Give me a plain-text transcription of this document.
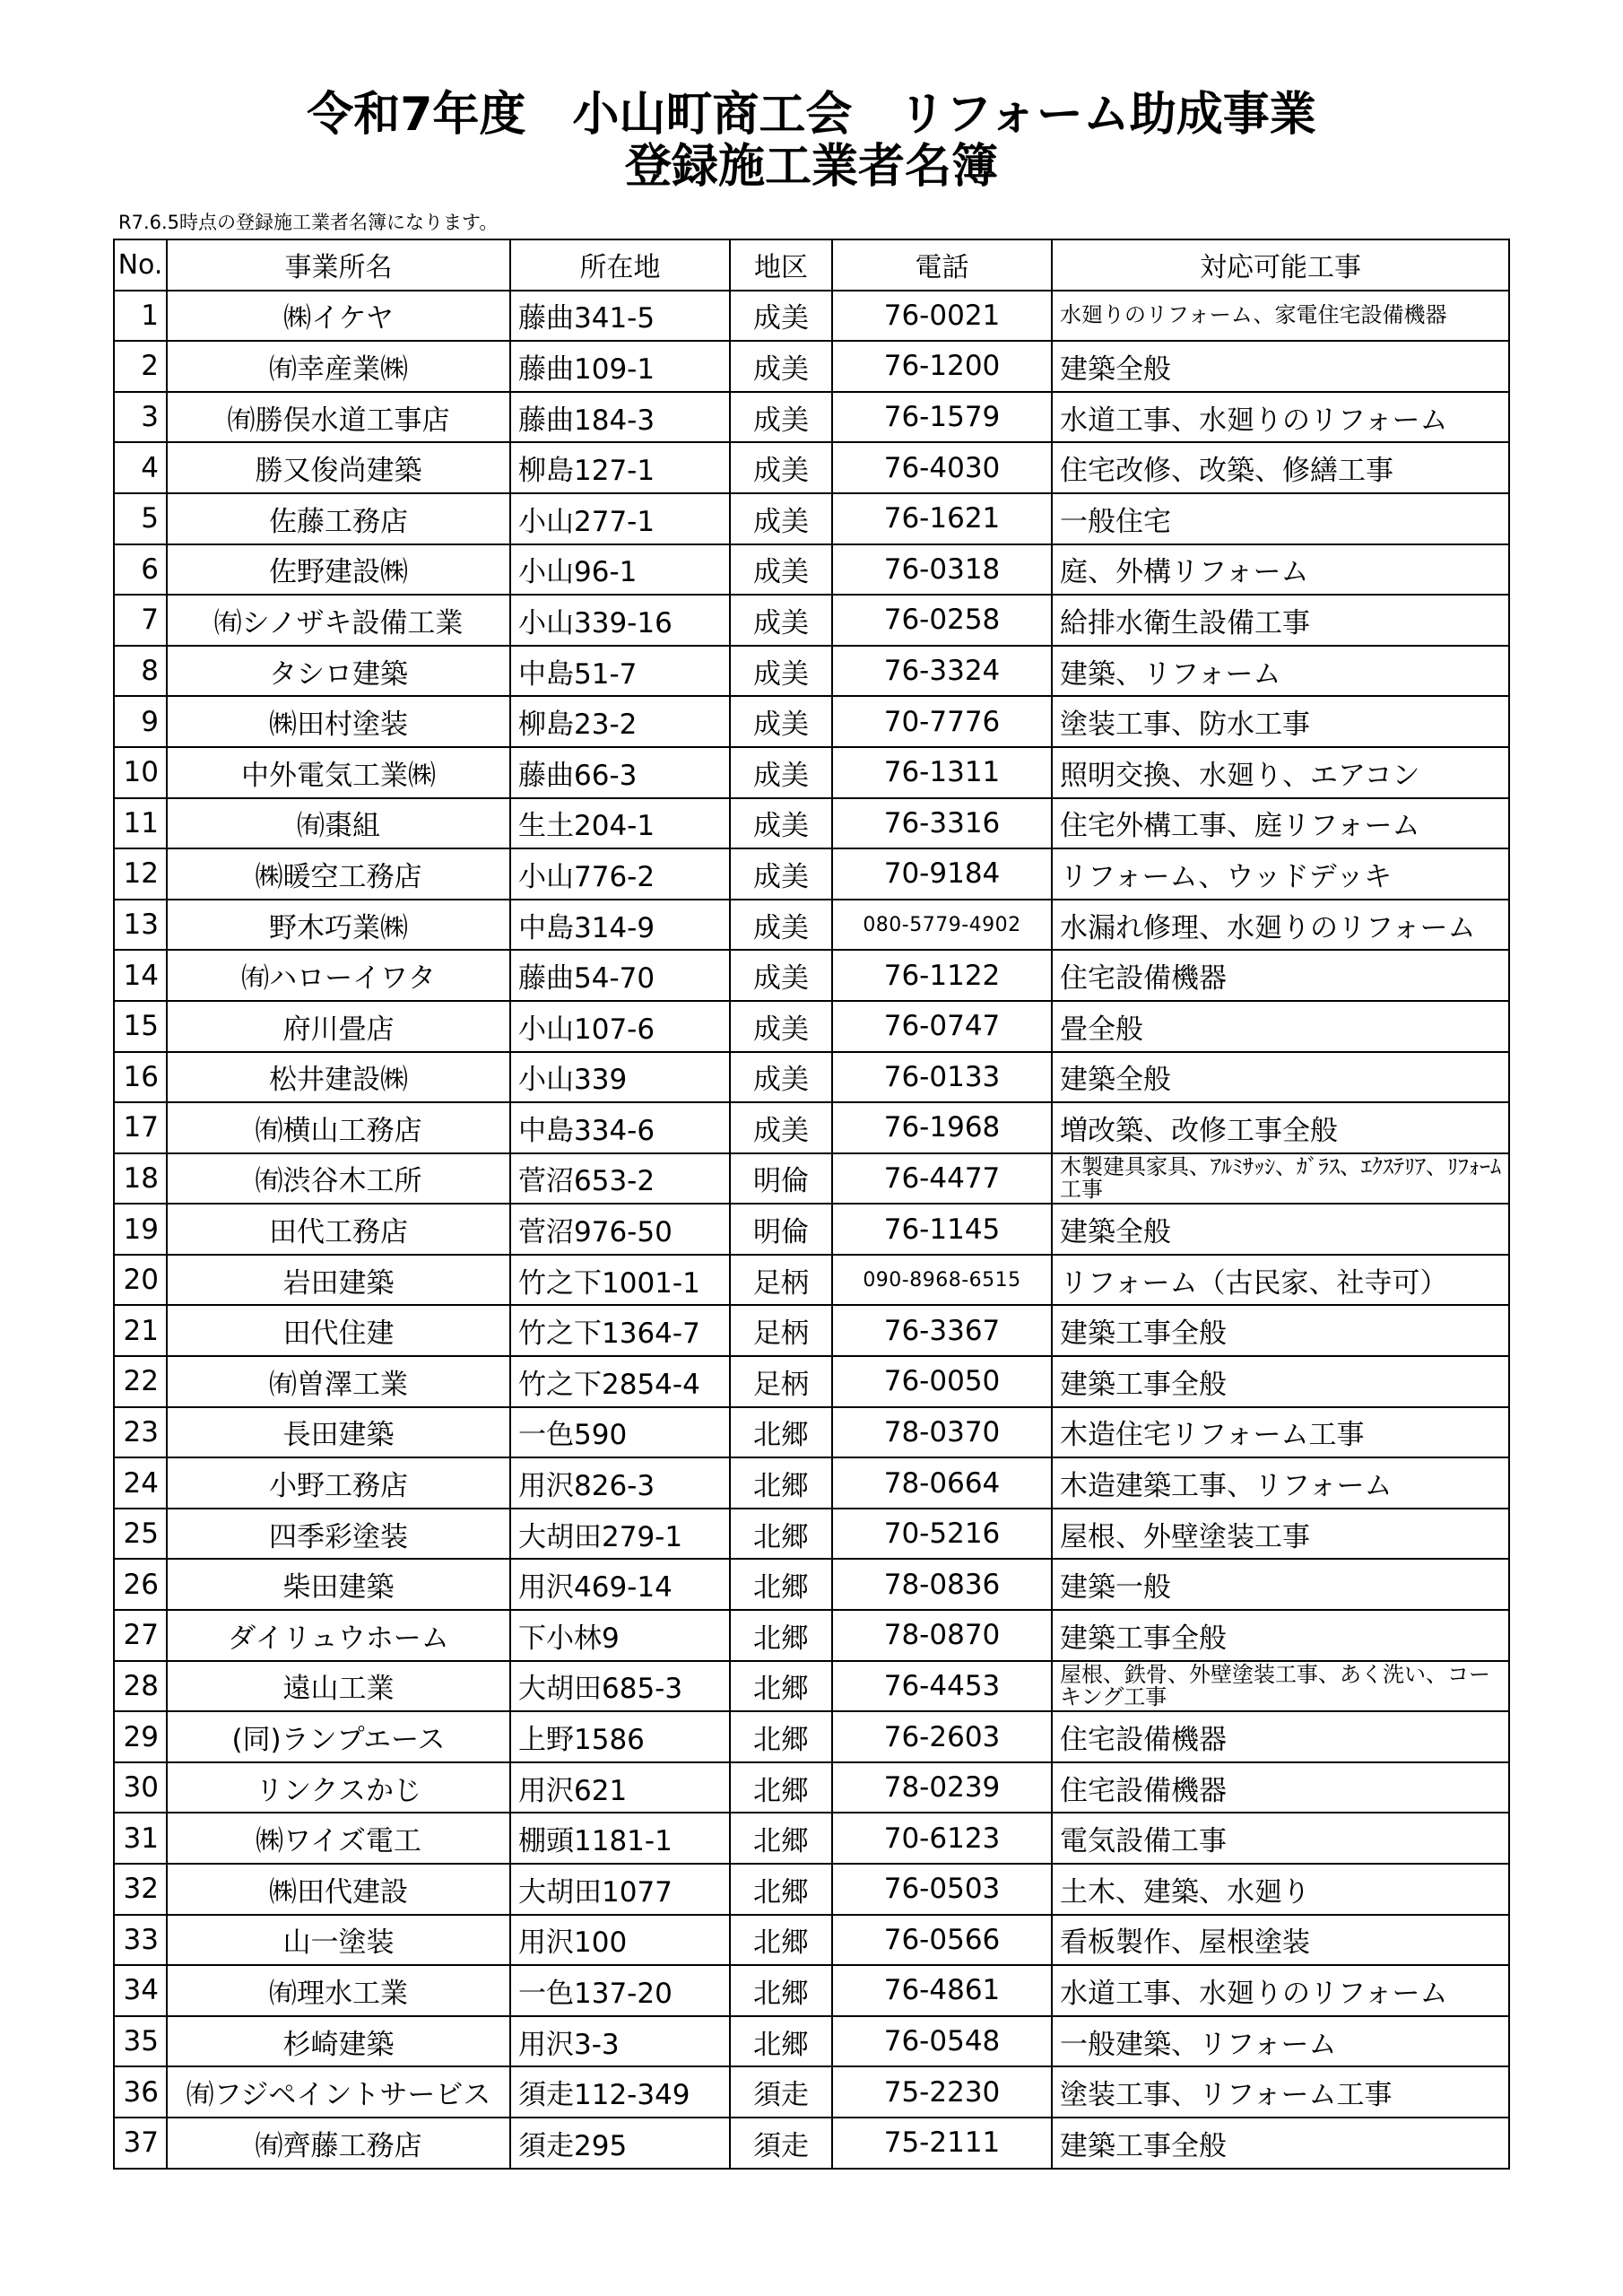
令和7年度　小山町商工会　リフォーム助成事業
登録施工業者名簿
R7.6.5時点の登録施工業者名簿になります。
No.	事業所名	所在地	地区	電話	対応可能工事
1	㈱イケヤ	藤曲341-5	成美	76-0021	水廻りのリフォーム、家電住宅設備機器
2	㈲幸産業㈱	藤曲109-1	成美	76-1200	建築全般
3	㈲勝俣水道工事店	藤曲184-3	成美	76-1579	水道工事、水廻りのリフォーム
4	勝又俊尚建築	柳島127-1	成美	76-4030	住宅改修、改築、修繕工事
5	佐藤工務店	小山277-1	成美	76-1621	一般住宅
6	佐野建設㈱	小山96-1	成美	76-0318	庭、外構リフォーム
7	㈲シノザキ設備工業	小山339-16	成美	76-0258	給排水衛生設備工事
8	タシロ建築	中島51-7	成美	76-3324	建築、リフォーム
9	㈱田村塗装	柳島23-2	成美	70-7776	塗装工事、防水工事
10	中外電気工業㈱	藤曲66-3	成美	76-1311	照明交換、水廻り、エアコン
11	㈲棗組	生土204-1	成美	76-3316	住宅外構工事、庭リフォーム
12	㈱暖空工務店	小山776-2	成美	70-9184	リフォーム、ウッドデッキ
13	野木巧業㈱	中島314-9	成美	080-5779-4902	水漏れ修理、水廻りのリフォーム
14	㈲ハローイワタ	藤曲54-70	成美	76-1122	住宅設備機器
15	府川畳店	小山107-6	成美	76-0747	畳全般
16	松井建設㈱	小山339	成美	76-0133	建築全般
17	㈲横山工務店	中島334-6	成美	76-1968	増改築、改修工事全般
18	㈲渋谷木工所	菅沼653-2	明倫	76-4477	木製建具家具、ｱﾙﾐｻｯｼ、ｶﾞﾗｽ、ｴｸｽﾃﾘｱ、ﾘﾌｫｰﾑ工事
19	田代工務店	菅沼976-50	明倫	76-1145	建築全般
20	岩田建築	竹之下1001-1	足柄	090-8968-6515	リフォーム（古民家、社寺可）
21	田代住建	竹之下1364-7	足柄	76-3367	建築工事全般
22	㈲曽澤工業	竹之下2854-4	足柄	76-0050	建築工事全般
23	長田建築	一色590	北郷	78-0370	木造住宅リフォーム工事
24	小野工務店	用沢826-3	北郷	78-0664	木造建築工事、リフォーム
25	四季彩塗装	大胡田279-1	北郷	70-5216	屋根、外壁塗装工事
26	柴田建築	用沢469-14	北郷	78-0836	建築一般
27	ダイリュウホーム	下小林9	北郷	78-0870	建築工事全般
28	遠山工業	大胡田685-3	北郷	76-4453	屋根、鉄骨、外壁塗装工事、あく洗い、コーキング工事
29	(同)ランプエース	上野1586	北郷	76-2603	住宅設備機器
30	リンクスかじ	用沢621	北郷	78-0239	住宅設備機器
31	㈱ワイズ電工	棚頭1181-1	北郷	70-6123	電気設備工事
32	㈱田代建設	大胡田1077	北郷	76-0503	土木、建築、水廻り
33	山一塗装	用沢100	北郷	76-0566	看板製作、屋根塗装
34	㈲理水工業	一色137-20	北郷	76-4861	水道工事、水廻りのリフォーム
35	杉崎建築	用沢3-3	北郷	76-0548	一般建築、リフォーム
36	㈲フジペイントサービス	須走112-349	須走	75-2230	塗装工事、リフォーム工事
37	㈲齊藤工務店	須走295	須走	75-2111	建築工事全般
